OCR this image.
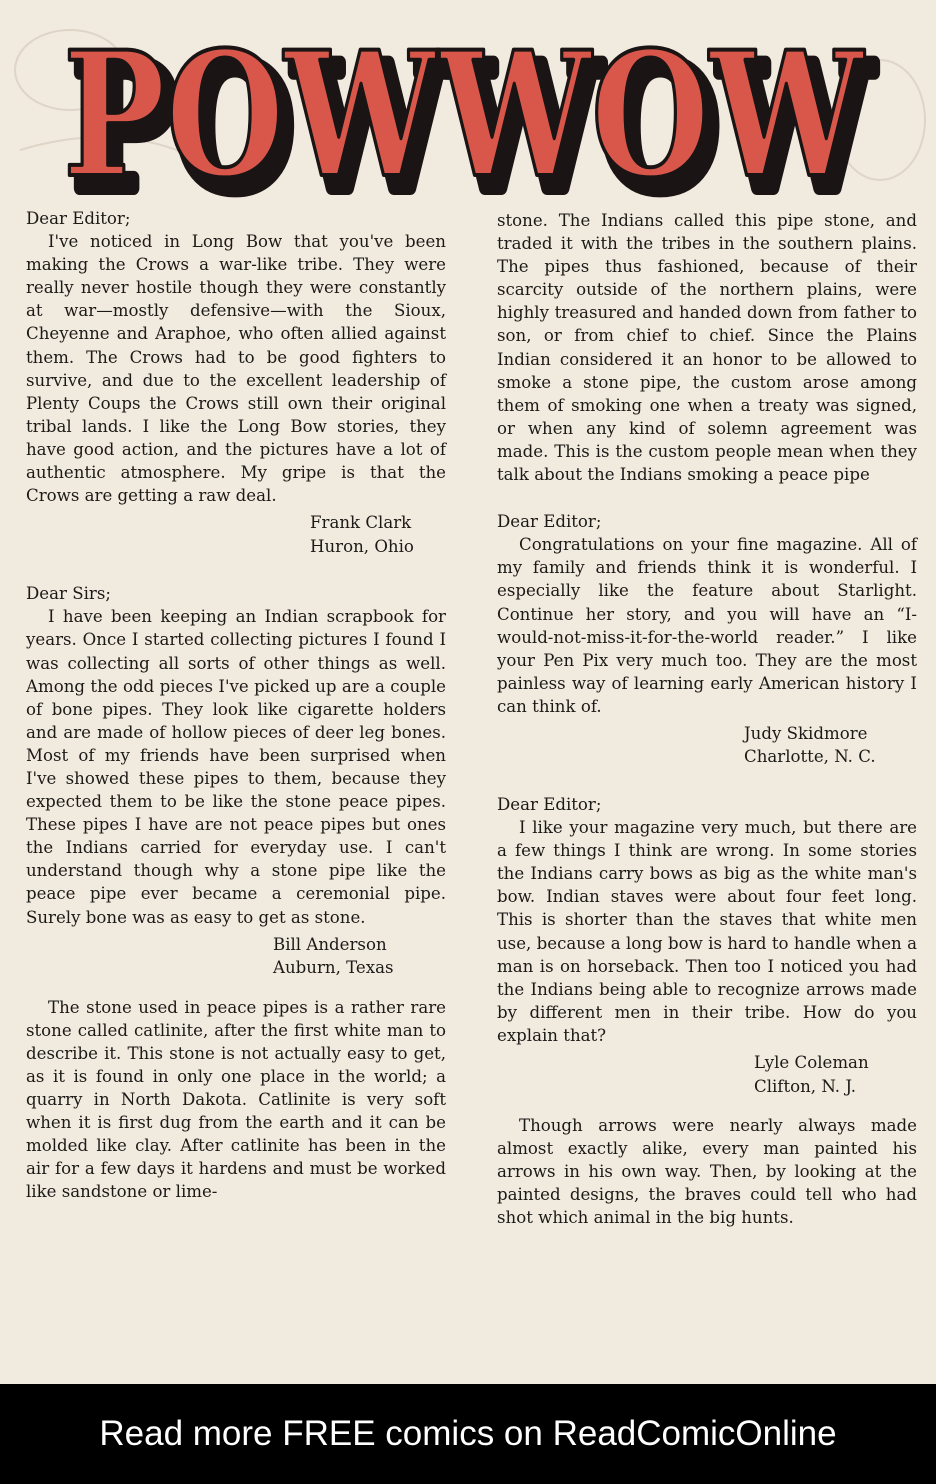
POWWOW
POWWOW

Dear Editor;

I've noticed in Long Bow that you've been making the Crows a war-like tribe. They were really never hostile though they were constantly at war—mostly defensive—with the Sioux, Cheyenne and Araphoe, who often allied against them. The Crows had to be good fighters to survive, and due to the excellent leadership of Plenty Coups the Crows still own their original tribal lands. I like the Long Bow stories, they have good action, and the pictures have a lot of authentic atmosphere. My gripe is that the Crows are getting a raw deal.

Frank Clark
Huron, Ohio

Dear Sirs;

I have been keeping an Indian scrapbook for years. Once I started collecting pictures I found I was collecting all sorts of other things as well. Among the odd pieces I've picked up are a couple of bone pipes. They look like cigarette holders and are made of hollow pieces of deer leg bones. Most of my friends have been surprised when I've showed these pipes to them, because they expected them to be like the stone peace pipes. These pipes I have are not peace pipes but ones the Indians carried for everyday use. I can't understand though why a stone pipe like the peace pipe ever became a ceremonial pipe. Surely bone was as easy to get as stone.

Bill Anderson
Auburn, Texas

The stone used in peace pipes is a rather rare stone called catlinite, after the first white man to describe it. This stone is not actually easy to get, as it is found in only one place in the world; a quarry in North Dakota. Catlinite is very soft when it is first dug from the earth and it can be molded like clay. After catlinite has been in the air for a few days it hardens and must be worked like sandstone or lime-

stone. The Indians called this pipe stone, and traded it with the tribes in the southern plains. The pipes thus fashioned, because of their scarcity outside of the northern plains, were highly treasured and handed down from father to son, or from chief to chief. Since the Plains Indian considered it an honor to be allowed to smoke a stone pipe, the custom arose among them of smoking one when a treaty was signed, or when any kind of solemn agreement was made. This is the custom people mean when they talk about the Indians smoking a peace pipe

Dear Editor;

Congratulations on your fine magazine. All of my family and friends think it is wonderful. I especially like the feature about Starlight. Continue her story, and you will have an “I-would-not-miss-it-for-the-world reader.” I like your Pen Pix very much too. They are the most painless way of learning early American history I can think of.

Judy Skidmore
Charlotte, N. C.

Dear Editor;

I like your magazine very much, but there are a few things I think are wrong. In some stories the Indians carry bows as big as the white man's bow. Indian staves were about four feet long. This is shorter than the staves that white men use, because a long bow is hard to handle when a man is on horseback. Then too I noticed you had the Indians being able to recognize arrows made by different men in their tribe. How do you explain that?

Lyle Coleman
Clifton, N. J.

Though arrows were nearly always made almost exactly alike, every man painted his arrows in his own way. Then, by looking at the painted designs, the braves could tell who had shot which animal in the big hunts.

Read more FREE comics on ReadComicOnline
